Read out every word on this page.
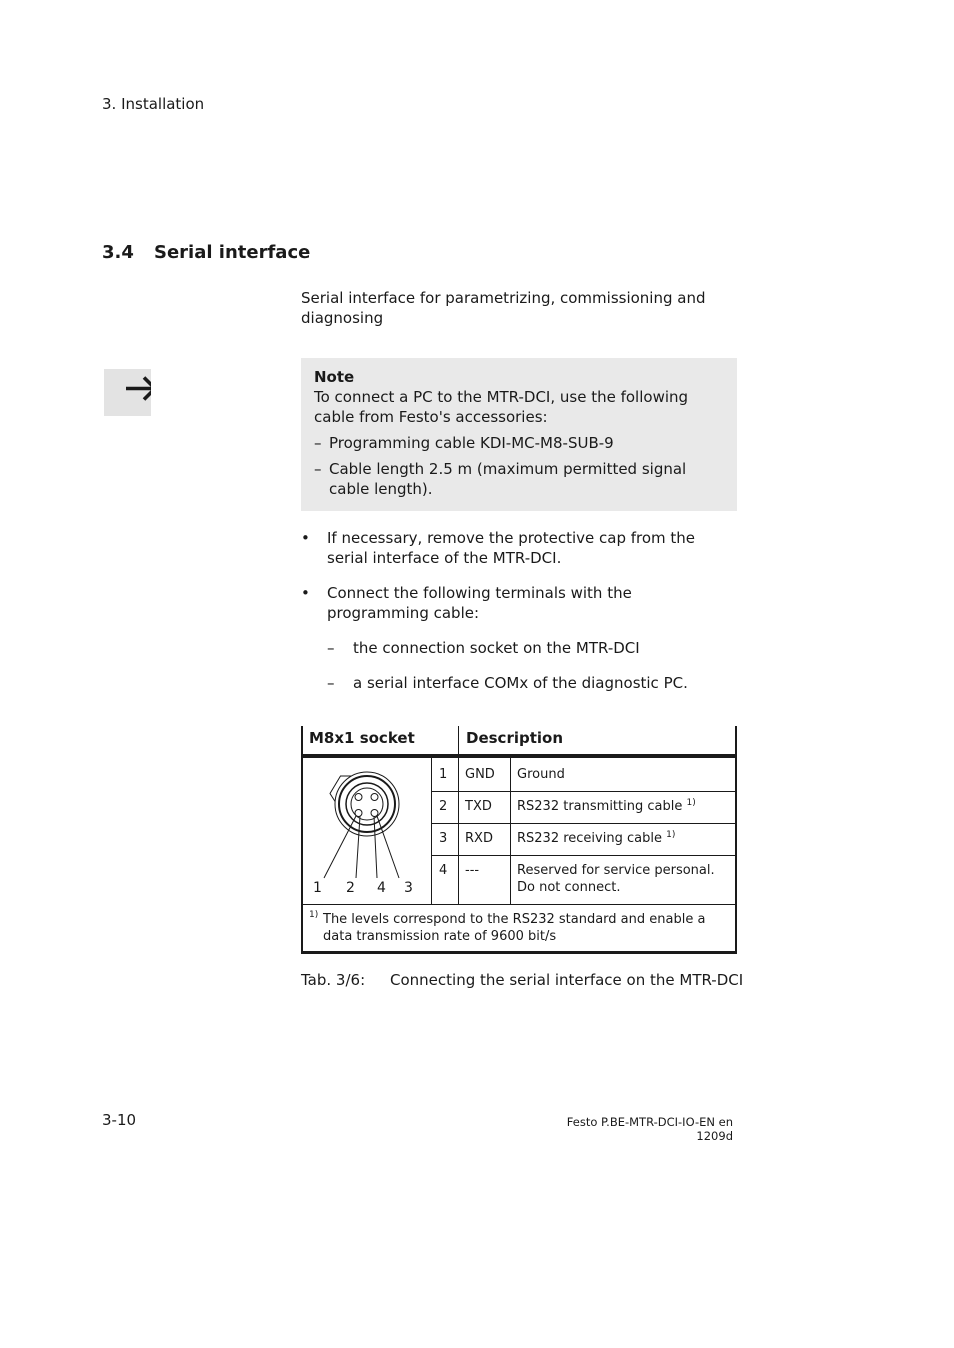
3. Installation
3.4 Serial interface
Serial interface for parametrizing, commissioning and diagnosing
Note
To connect a PC to the MTR-DCI, use the following cable from Festo's accessories:
– Programming cable KDI-MC-M8-SUB-9
– Cable length 2.5 m (maximum permitted signal cable length).
• If necessary, remove the protective cap from the serial interface of the MTR-DCI.
• Connect the following terminals with the programming cable:
– the connection socket on the MTR-DCI
– a serial interface COMx of the diagnostic PC.
M8x1 socket	Description
1 2 4 3
1 GND Ground
2 TXD RS232 transmitting cable $^{1)}$
3 RXD RS232 receiving cable $^{1)}$
4 ---	Reserved for service personal.
Do not connect.
1) The levels correspond to the RS232 standard and enable a data transmission rate of 9600 bit/s
Tab. 3/6: Connecting the serial interface on the MTR-DCI
3-10	Festo P.BE-MTR-DCI-IO-EN en 1209d
